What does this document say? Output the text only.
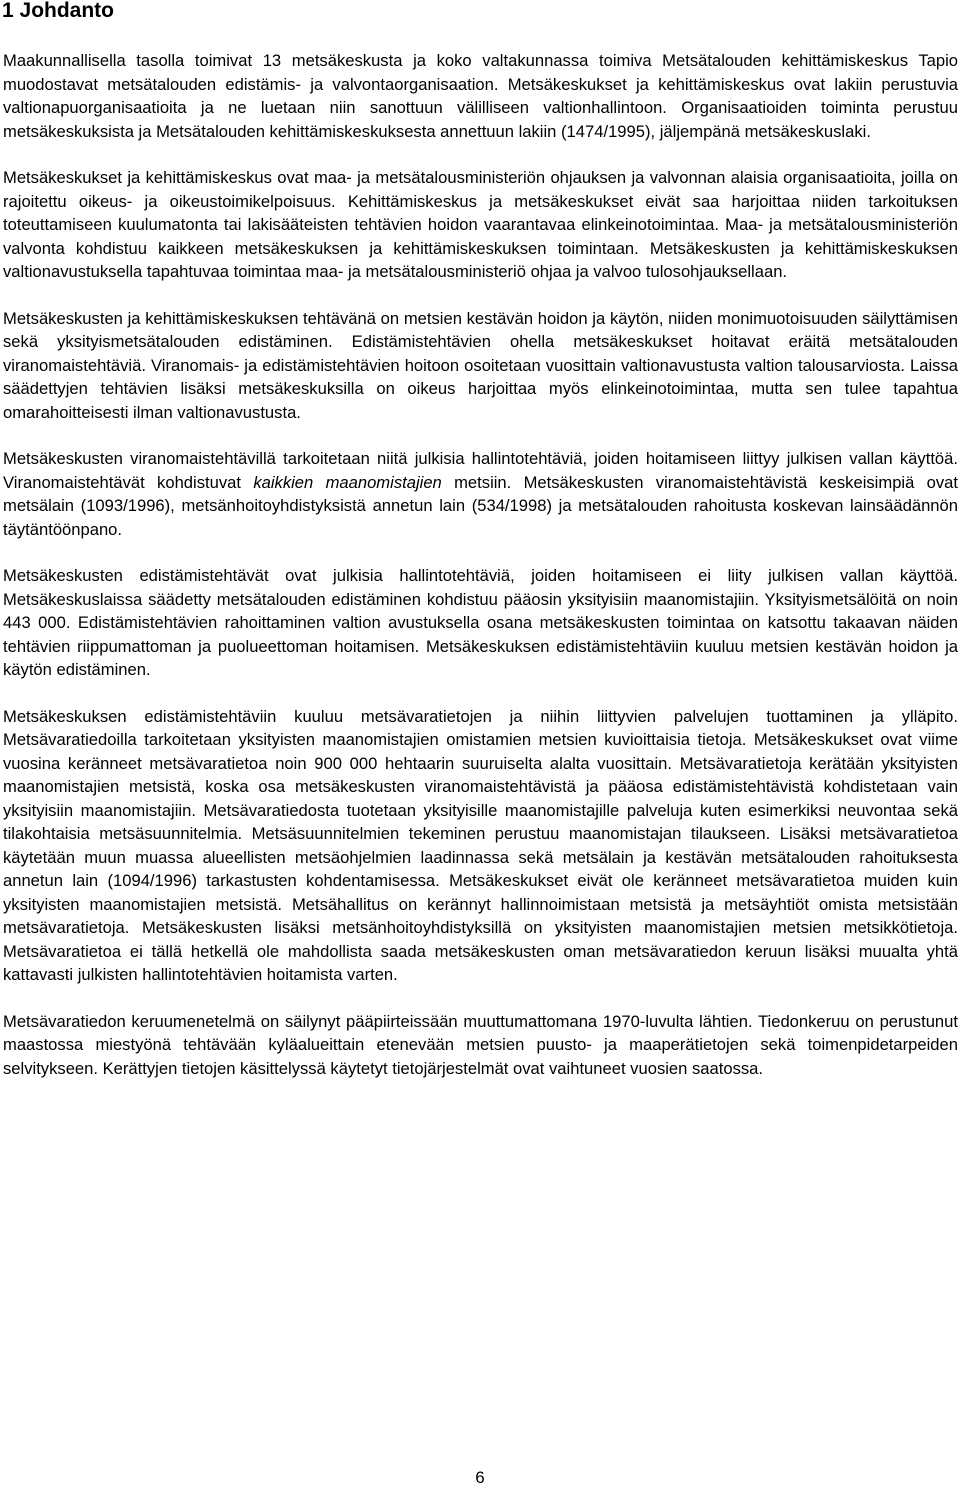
1 Johdanto

Maakunnallisella tasolla toimivat 13 metsäkeskusta ja koko valtakunnassa toimiva Metsätalouden kehittämiskeskus Tapio muodostavat metsätalouden edistämis- ja valvontaorganisaation. Metsäkeskukset ja kehittämiskeskus ovat lakiin perustuvia valtionapuorganisaatioita ja ne luetaan niin sanottuun välilliseen valtionhallintoon. Organisaatioiden toiminta perustuu metsäkeskuksista ja Metsätalouden kehittämiskeskuksesta annettuun lakiin (1474/1995), jäljempänä metsäkeskuslaki.

Metsäkeskukset ja kehittämiskeskus ovat maa- ja metsätalousministeriön ohjauksen ja valvonnan alaisia organisaatioita, joilla on rajoitettu oikeus- ja oikeustoimikelpoisuus. Kehittämiskeskus ja metsäkeskukset eivät saa harjoittaa niiden tarkoituksen toteuttamiseen kuulumatonta tai lakisääteisten tehtävien hoidon vaarantavaa elinkeinotoimintaa. Maa- ja metsätalousministeriön valvonta kohdistuu kaikkeen metsäkeskuksen ja kehittämiskeskuksen toimintaan. Metsäkeskusten ja kehittämiskeskuksen valtionavustuksella tapahtuvaa toimintaa maa- ja metsätalousministeriö ohjaa ja valvoo tulosohjauksellaan.

Metsäkeskusten ja kehittämiskeskuksen tehtävänä on metsien kestävän hoidon ja käytön, niiden monimuotoisuuden säilyttämisen sekä yksityismetsätalouden edistäminen. Edistämistehtävien ohella metsäkeskukset hoitavat eräitä metsätalouden viranomaistehtäviä. Viranomais- ja edistämistehtävien hoitoon osoitetaan vuosittain valtionavustusta valtion talousarviosta. Laissa säädettyjen tehtävien lisäksi metsäkeskuksilla on oikeus harjoittaa myös elinkeinotoimintaa, mutta sen tulee tapahtua omarahoitteisesti ilman valtionavustusta.

Metsäkeskusten viranomaistehtävillä tarkoitetaan niitä julkisia hallintotehtäviä, joiden hoitamiseen liittyy julkisen vallan käyttöä. Viranomaistehtävät kohdistuvat kaikkien maanomistajien metsiin. Metsäkeskusten viranomaistehtävistä keskeisimpiä ovat metsälain (1093/1996), metsänhoitoyhdistyksistä annetun lain (534/1998) ja metsätalouden rahoitusta koskevan lainsäädännön täytäntöönpano.

Metsäkeskusten edistämistehtävät ovat julkisia hallintotehtäviä, joiden hoitamiseen ei liity julkisen vallan käyttöä. Metsäkeskuslaissa säädetty metsätalouden edistäminen kohdistuu pääosin yksityisiin maanomistajiin. Yksityismetsälöitä on noin 443 000. Edistämistehtävien rahoittaminen valtion avustuksella osana metsäkeskusten toimintaa on katsottu takaavan näiden tehtävien riippumattoman ja puolueettoman hoitamisen. Metsäkeskuksen edistämistehtäviin kuuluu metsien kestävän hoidon ja käytön edistäminen.

Metsäkeskuksen edistämistehtäviin kuuluu metsävaratietojen ja niihin liittyvien palvelujen tuottaminen ja ylläpito. Metsävaratiedoilla tarkoitetaan yksityisten maanomistajien omistamien metsien kuvioittaisia tietoja. Metsäkeskukset ovat viime vuosina keränneet metsävaratietoa noin 900 000 hehtaarin suuruiselta alalta vuosittain. Metsävaratietoja kerätään yksityisten maanomistajien metsistä, koska osa metsäkeskusten viranomaistehtävistä ja pääosa edistämistehtävistä kohdistetaan vain yksityisiin maanomistajiin. Metsävaratiedosta tuotetaan yksityisille maanomistajille palveluja kuten esimerkiksi neuvontaa sekä tilakohtaisia metsäsuunnitelmia. Metsäsuunnitelmien tekeminen perustuu maanomistajan tilaukseen. Lisäksi metsävaratietoa käytetään muun muassa alueellisten metsäohjelmien laadinnassa sekä metsälain ja kestävän metsätalouden rahoituksesta annetun lain (1094/1996) tarkastusten kohdentamisessa. Metsäkeskukset eivät ole keränneet metsävaratietoa muiden kuin yksityisten maanomistajien metsistä. Metsähallitus on kerännyt hallinnoimistaan metsistä ja metsäyhtiöt omista metsistään metsävaratietoja. Metsäkeskusten lisäksi metsänhoitoyhdistyksillä on yksityisten maanomistajien metsien metsikkötietoja. Metsävaratietoa ei tällä hetkellä ole mahdollista saada metsäkeskusten oman metsävaratiedon keruun lisäksi muualta yhtä kattavasti julkisten hallintotehtävien hoitamista varten.

Metsävaratiedon keruumenetelmä on säilynyt pääpiirteissään muuttumattomana 1970-luvulta lähtien. Tiedonkeruu on perustunut maastossa miestyönä tehtävään kyläalueittain etenevään metsien puusto- ja maaperätietojen sekä toimenpidetarpeiden selvitykseen. Kerättyjen tietojen käsittelyssä käytetyt tietojärjestelmät ovat vaihtuneet vuosien saatossa.

6
